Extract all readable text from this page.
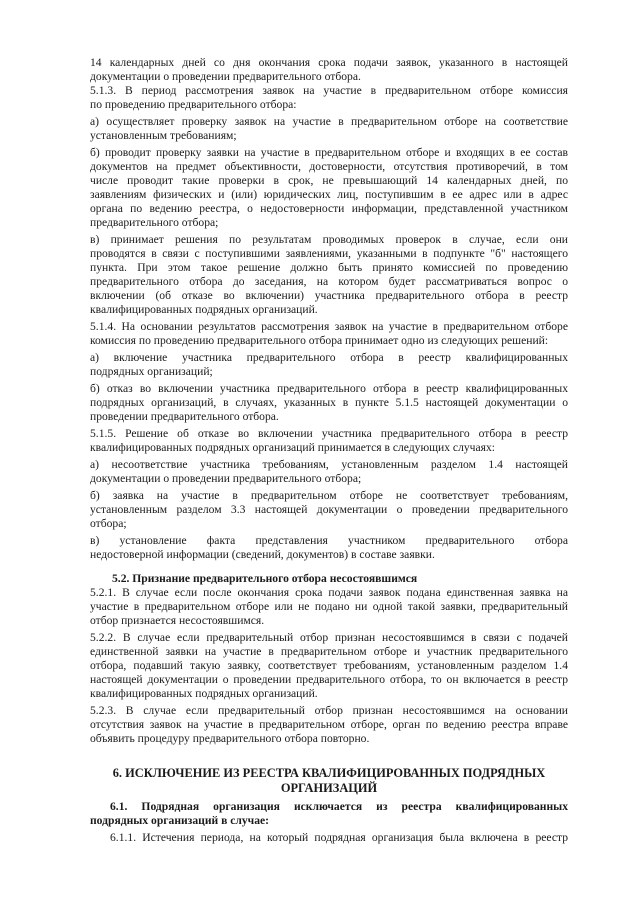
14 календарных дней со дня окончания срока подачи заявок, указанного в настоящей
документации о проведении предварительного отбора.
5.1.3. В период рассмотрения заявок на участие в предварительном отборе комиссия
по проведению предварительного отбора:
а) осуществляет проверку заявок на участие в предварительном отборе на соответствие
установленным требованиям;
б) проводит проверку заявки на участие в предварительном отборе и входящих в ее состав
документов на предмет объективности, достоверности, отсутствия противоречий, в том
числе проводит такие проверки в срок, не превышающий 14 календарных дней, по
заявлениям физических и (или) юридических лиц, поступившим в ее адрес или в адрес
органа по ведению реестра, о недостоверности информации, представленной участником
предварительного отбора;
в) принимает решения по результатам проводимых проверок в случае, если они
проводятся в связи с поступившими заявлениями, указанными в подпункте "б" настоящего
пункта. При этом такое решение должно быть принято комиссией по проведению
предварительного отбора до заседания, на котором будет рассматриваться вопрос о
включении (об отказе во включении) участника предварительного отбора в реестр
квалифицированных подрядных организаций.
5.1.4. На основании результатов рассмотрения заявок на участие в предварительном отборе
комиссия по проведению предварительного отбора принимает одно из следующих решений:
а) включение участника предварительного отбора в реестр квалифицированных
подрядных организаций;
б) отказ во включении участника предварительного отбора в реестр квалифицированных
подрядных организаций, в случаях, указанных в пункте 5.1.5 настоящей документации о
проведении предварительного отбора.
5.1.5. Решение об отказе во включении участника предварительного отбора в реестр
квалифицированных подрядных организаций принимается в следующих случаях:
а) несоответствие участника требованиям, установленным разделом 1.4 настоящей
документации о проведении предварительного отбора;
б) заявка на участие в предварительном отборе не соответствует требованиям,
установленным разделом 3.3 настоящей документации о проведении предварительного
отбора;
в) установление факта представления участником предварительного отбора
недостоверной информации (сведений, документов) в составе заявки.
5.2. Признание предварительного отбора несостоявшимся
5.2.1. В случае если после окончания срока подачи заявок подана единственная заявка на
участие в предварительном отборе или не подано ни одной такой заявки, предварительный
отбор признается несостоявшимся.
5.2.2. В случае если предварительный отбор признан несостоявшимся в связи с подачей
единственной заявки на участие в предварительном отборе и участник предварительного
отбора, подавший такую заявку, соответствует требованиям, установленным разделом 1.4
настоящей документации о проведении предварительного отбора, то он включается в реестр
квалифицированных подрядных организаций.
5.2.3. В случае если предварительный отбор признан несостоявшимся на основании
отсутствия заявок на участие в предварительном отборе, орган по ведению реестра вправе
объявить процедуру предварительного отбора повторно.
6.1. Подрядная организация исключается из реестра квалифицированных
подрядных организаций в случае:
6.1.1. Истечения периода, на который подрядная организация была включена в реестр
6. ИСКЛЮЧЕНИЕ ИЗ РЕЕСТРА КВАЛИФИЦИРОВАННЫХ ПОДРЯДНЫХ
ОРГАНИЗАЦИЙ
